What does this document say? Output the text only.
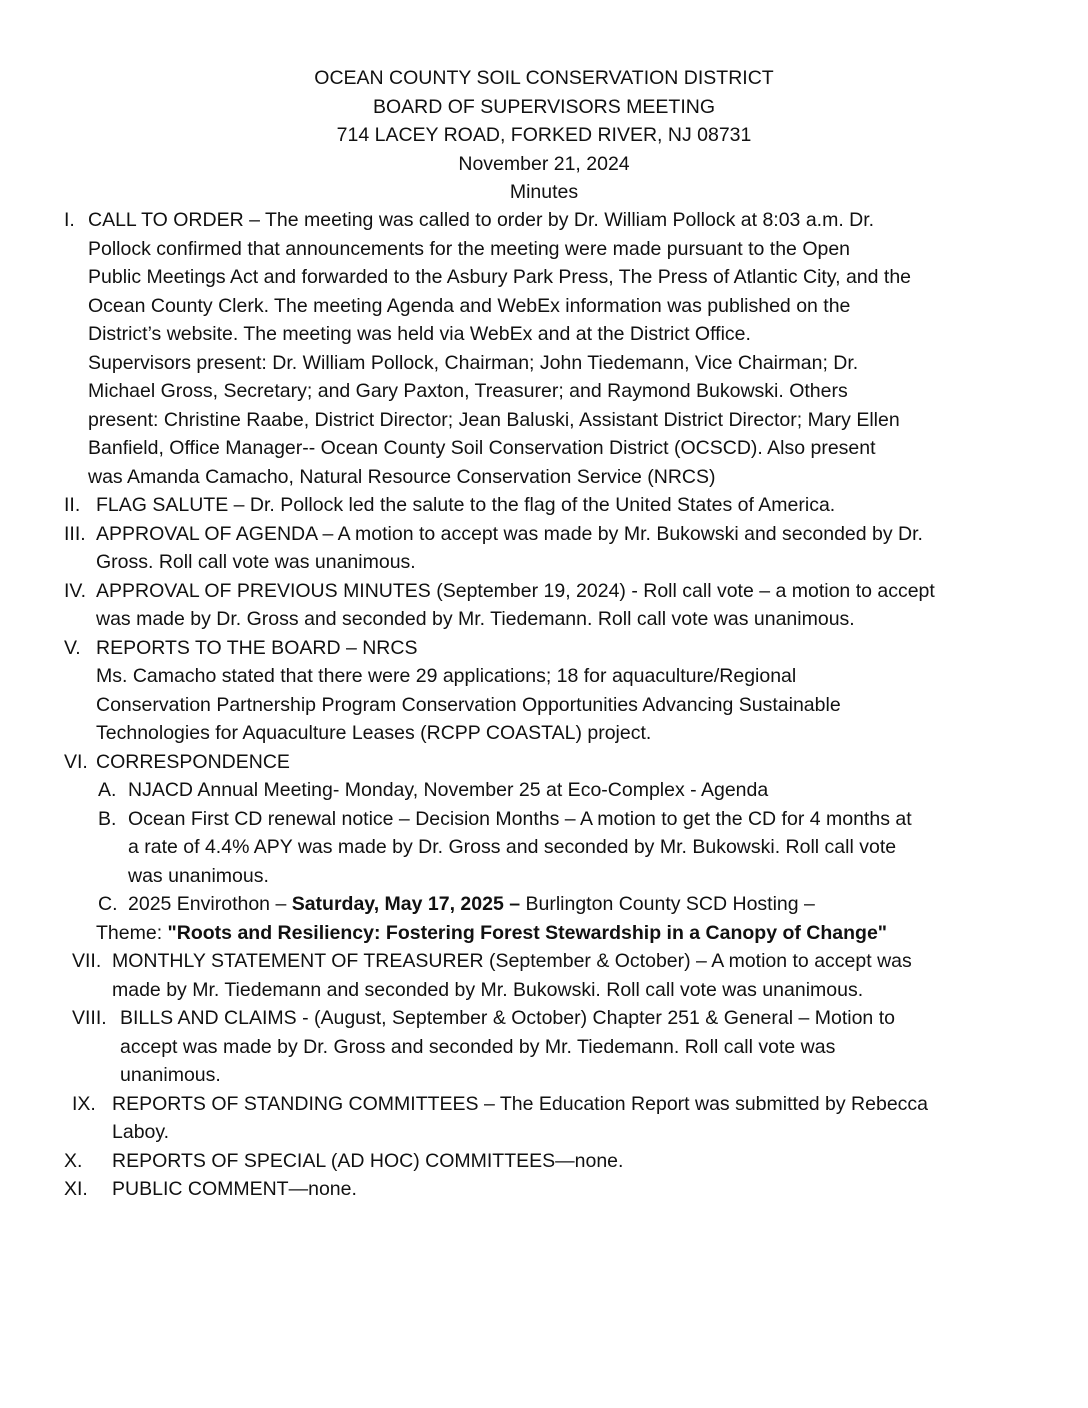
OCEAN COUNTY SOIL CONSERVATION DISTRICT
BOARD OF SUPERVISORS MEETING
714 LACEY ROAD, FORKED RIVER, NJ 08731
November 21, 2024
Minutes
I. CALL TO ORDER – The meeting was called to order by Dr. William Pollock at 8:03 a.m. Dr.
Pollock confirmed that announcements for the meeting were made pursuant to the Open
Public Meetings Act and forwarded to the Asbury Park Press, The Press of Atlantic City, and the
Ocean County Clerk. The meeting Agenda and WebEx information was published on the
District’s website. The meeting was held via WebEx and at the District Office.
Supervisors present: Dr. William Pollock, Chairman; John Tiedemann, Vice Chairman; Dr.
Michael Gross, Secretary; and Gary Paxton, Treasurer; and Raymond Bukowski. Others
present: Christine Raabe, District Director; Jean Baluski, Assistant District Director; Mary Ellen
Banfield, Office Manager-- Ocean County Soil Conservation District (OCSCD). Also present
was Amanda Camacho, Natural Resource Conservation Service (NRCS)
II. FLAG SALUTE – Dr. Pollock led the salute to the flag of the United States of America.
III. APPROVAL OF AGENDA – A motion to accept was made by Mr. Bukowski and seconded by Dr.
Gross. Roll call vote was unanimous.
IV. APPROVAL OF PREVIOUS MINUTES (September 19, 2024) - Roll call vote – a motion to accept
was made by Dr. Gross and seconded by Mr. Tiedemann. Roll call vote was unanimous.
V. REPORTS TO THE BOARD – NRCS
Ms. Camacho stated that there were 29 applications; 18 for aquaculture/Regional
Conservation Partnership Program Conservation Opportunities Advancing Sustainable
Technologies for Aquaculture Leases (RCPP COASTAL) project.
VI. CORRESPONDENCE
A. NJACD Annual Meeting- Monday, November 25 at Eco-Complex - Agenda
B. Ocean First CD renewal notice – Decision Months – A motion to get the CD for 4 months at
a rate of 4.4% APY was made by Dr. Gross and seconded by Mr. Bukowski. Roll call vote
was unanimous.
C. 2025 Envirothon – Saturday, May 17, 2025 – Burlington County SCD Hosting –
Theme: "Roots and Resiliency: Fostering Forest Stewardship in a Canopy of Change"
VII. MONTHLY STATEMENT OF TREASURER (September & October) – A motion to accept was
made by Mr. Tiedemann and seconded by Mr. Bukowski. Roll call vote was unanimous.
VIII. BILLS AND CLAIMS - (August, September & October) Chapter 251 & General – Motion to
accept was made by Dr. Gross and seconded by Mr. Tiedemann. Roll call vote was
unanimous.
IX. REPORTS OF STANDING COMMITTEES – The Education Report was submitted by Rebecca
Laboy.
X. REPORTS OF SPECIAL (AD HOC) COMMITTEES—none.
XI. PUBLIC COMMENT—none.
